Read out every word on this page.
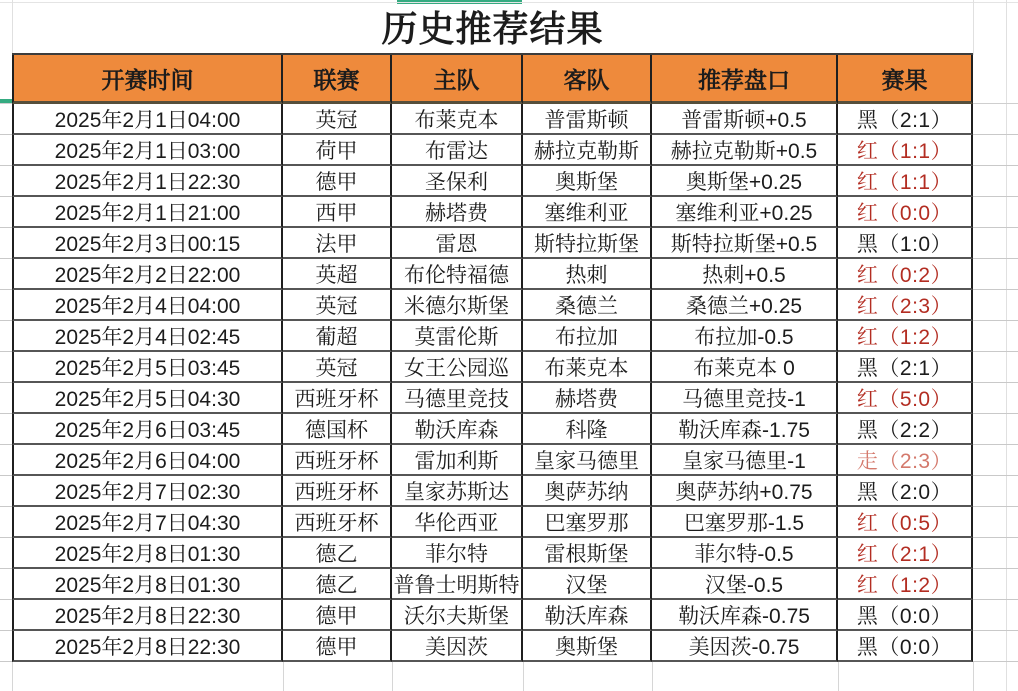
历史推荐结果
开赛时间	联赛	主队	客队	推荐盘口	赛果
2025年2月1日04:00	英冠	布莱克本	普雷斯顿	普雷斯顿+0.5	黑（2:1）
2025年2月1日03:00	荷甲	布雷达	赫拉克勒斯	赫拉克勒斯+0.5	红（1:1）
2025年2月1日22:30	德甲	圣保利	奥斯堡	奥斯堡+0.25	红（1:1）
2025年2月1日21:00	西甲	赫塔费	塞维利亚	塞维利亚+0.25	红（0:0）
2025年2月3日00:15	法甲	雷恩	斯特拉斯堡	斯特拉斯堡+0.5	黑（1:0）
2025年2月2日22:00	英超	布伦特福德	热刺	热刺+0.5	红（0:2）
2025年2月4日04:00	英冠	米德尔斯堡	桑德兰	桑德兰+0.25	红（2:3）
2025年2月4日02:45	葡超	莫雷伦斯	布拉加	布拉加-0.5	红（1:2）
2025年2月5日03:45	英冠	女王公园巡	布莱克本	布莱克本 0	黑（2:1）
2025年2月5日04:30	西班牙杯	马德里竞技	赫塔费	马德里竞技-1	红（5:0）
2025年2月6日03:45	德国杯	勒沃库森	科隆	勒沃库森-1.75	黑（2:2）
2025年2月6日04:00	西班牙杯	雷加利斯	皇家马德里	皇家马德里-1	走（2:3）
2025年2月7日02:30	西班牙杯	皇家苏斯达	奥萨苏纳	奥萨苏纳+0.75	黑（2:0）
2025年2月7日04:30	西班牙杯	华伦西亚	巴塞罗那	巴塞罗那-1.5	红（0:5）
2025年2月8日01:30	德乙	菲尔特	雷根斯堡	菲尔特-0.5	红（2:1）
2025年2月8日01:30	德乙	普鲁士明斯特	汉堡	汉堡-0.5	红（1:2）
2025年2月8日22:30	德甲	沃尔夫斯堡	勒沃库森	勒沃库森-0.75	黑（0:0）
2025年2月8日22:30	德甲	美因茨	奥斯堡	美因茨-0.75	黑（0:0）
